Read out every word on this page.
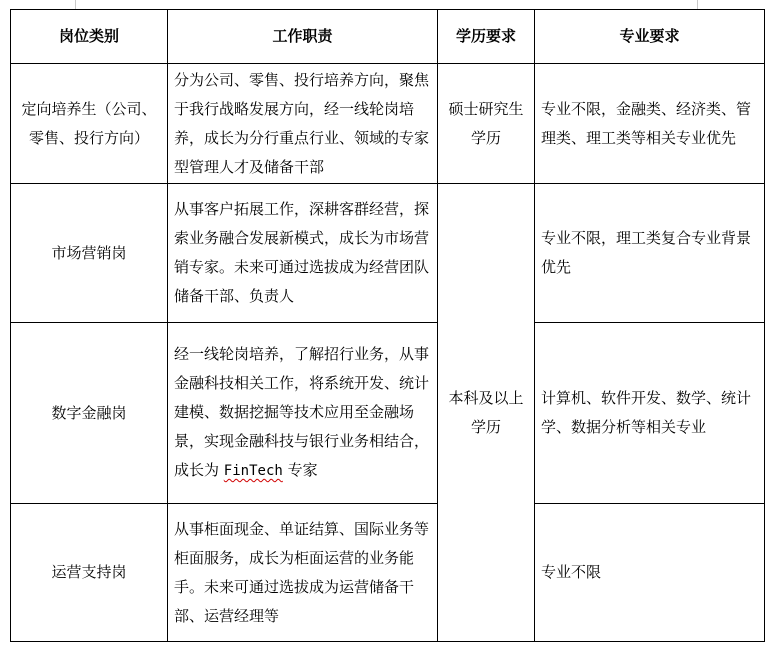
岗位类别	工作职责	学历要求	专业要求
定向培养生（公司、零售、投行方向）	分为公司、零售、投行培养方向，聚焦于我行战略发展方向，经一线轮岗培养，成长为分行重点行业、领域的专家型管理人才及储备干部	硕士研究生学历	专业不限，金融类、经济类、管理类、理工类等相关专业优先
市场营销岗	从事客户拓展工作，深耕客群经营，探索业务融合发展新模式，成长为市场营销专家。未来可通过选拔成为经营团队储备干部、负责人	本科及以上学历	专业不限，理工类复合专业背景优先
数字金融岗	经一线轮岗培养，了解招行业务，从事金融科技相关工作，将系统开发、统计建模、数据挖掘等技术应用至金融场景，实现金融科技与银行业务相结合，成长为 FinTech 专家		计算机、软件开发、数学、统计学、数据分析等相关专业
运营支持岗	从事柜面现金、单证结算、国际业务等柜面服务，成长为柜面运营的业务能手。未来可通过选拔成为运营储备干部、运营经理等		专业不限
